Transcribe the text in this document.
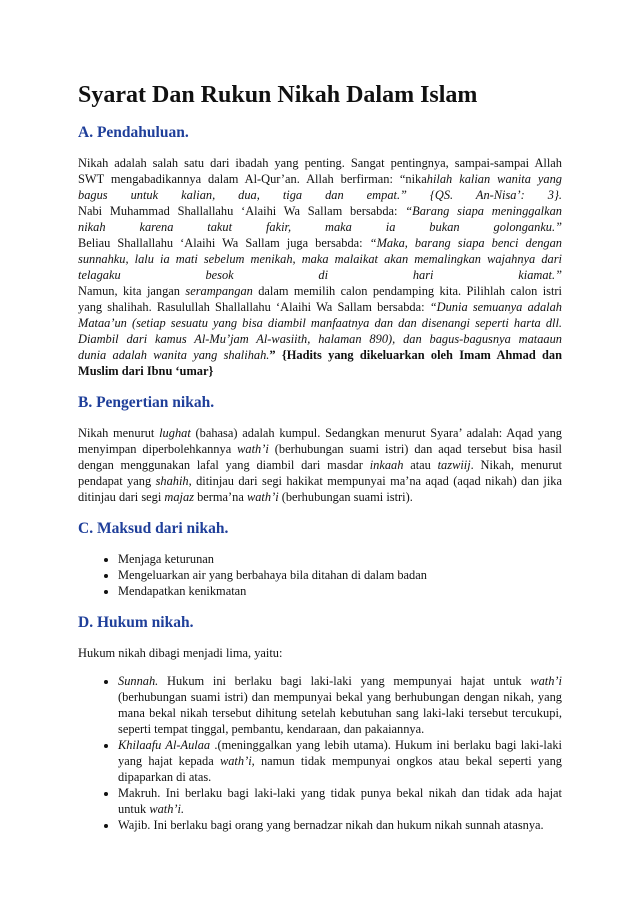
Syarat Dan Rukun Nikah Dalam Islam
A. Pendahuluan.

Nikah adalah salah satu dari ibadah yang penting. Sangat pentingnya, sampai-sampai Allah

SWT mengabadikannya dalam Al-Qur’an. Allah berfirman: “nikahilah kalian wanita yang

bagus untuk kalian, dua, tiga dan empat.” {QS. An-Nisa’: 3}.

Nabi Muhammad Shallallahu ‘Alaihi Wa Sallam bersabda: “Barang siapa meninggalkan

nikah karena takut fakir, maka ia bukan golonganku.”

Beliau Shallallahu ‘Alaihi Wa Sallam juga bersabda: “Maka, barang siapa benci dengan

sunnahku, lalu ia mati sebelum menikah, maka malaikat akan memalingkan wajahnya dari

telagaku besok di hari kiamat.”

Namun, kita jangan serampangan dalam memilih calon pendamping kita. Pilihlah calon istri

yang shalihah. Rasulullah Shallallahu ‘Alaihi Wa Sallam bersabda: “Dunia semuanya adalah

Mataa’un (setiap sesuatu yang bisa diambil manfaatnya dan dan disenangi seperti harta dll.

Diambil dari kamus Al-Mu’jam Al-wasiith, halaman 890), dan bagus-bagusnya mataaun

dunia adalah wanita yang shalihah.” {Hadits yang dikeluarkan oleh Imam Ahmad dan

Muslim dari Ibnu ‘umar}

B. Pengertian nikah.

Nikah menurut lughat (bahasa) adalah kumpul. Sedangkan menurut Syara’ adalah: Aqad yang menyimpan diperbolehkannya wath’i (berhubungan suami istri) dan aqad tersebut bisa hasil dengan menggunakan lafal yang diambil dari masdar inkaah atau tazwiij. Nikah, menurut pendapat yang shahih, ditinjau dari segi hakikat mempunyai ma’na aqad (aqad nikah) dan jika ditinjau dari segi majaz berma’na wath’i (berhubungan suami istri).

C. Maksud dari nikah.
• Menjaga keturunan
• Mengeluarkan air yang berbahaya bila ditahan di dalam badan
• Mendapatkan kenikmatan
D. Hukum nikah.

Hukum nikah dibagi menjadi lima, yaitu:

• Sunnah. Hukum ini berlaku bagi laki-laki yang mempunyai hajat untuk wath’i (berhubungan suami istri) dan mempunyai bekal yang berhubungan dengan nikah, yang mana bekal nikah tersebut dihitung setelah kebutuhan sang laki-laki tersebut tercukupi, seperti tempat tinggal, pembantu, kendaraan, dan pakaiannya.
• Khilaafu Al-Aulaa .(meninggalkan yang lebih utama). Hukum ini berlaku bagi laki-laki yang hajat kepada wath’i, namun tidak mempunyai ongkos atau bekal seperti yang dipaparkan di atas.
• Makruh. Ini berlaku bagi laki-laki yang tidak punya bekal nikah dan tidak ada hajat untuk wath’i.
• Wajib. Ini berlaku bagi orang yang bernadzar nikah dan hukum nikah sunnah atasnya.
